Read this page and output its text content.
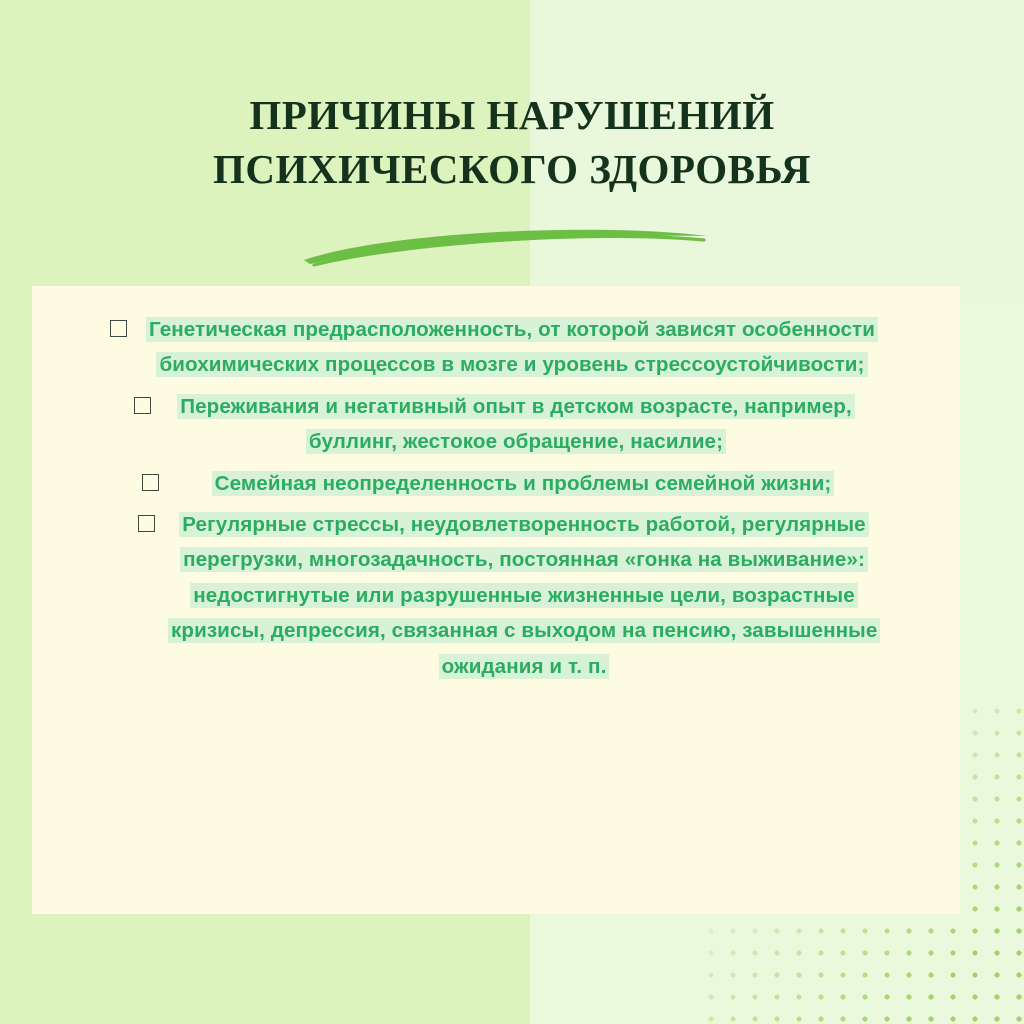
ПРИЧИНЫ НАРУШЕНИЙ
ПСИХИЧЕСКОГО ЗДОРОВЬЯ
Генетическая предрасположенность, от которой зависят особенности биохимических процессов в мозге и уровень стрессоустойчивости;
Переживания и негативный опыт в детском возрасте, например, буллинг, жестокое обращение, насилие;
Семейная неопределенность и проблемы семейной жизни;
Регулярные стрессы, неудовлетворенность работой, регулярные перегрузки, многозадачность, постоянная «гонка на выживание»: недостигнутые или разрушенные жизненные цели, возрастные кризисы, депрессия, связанная с выходом на пенсию, завышенные ожидания и т. п.
